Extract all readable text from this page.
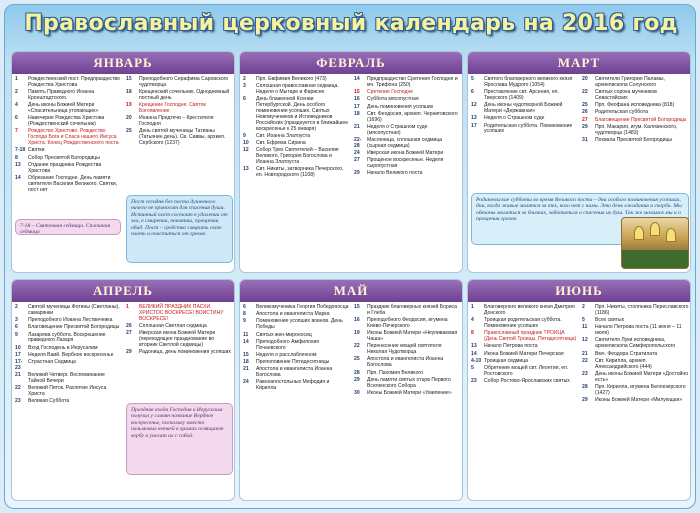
Православный церковный календарь на 2016 год
ЯНВАРЬ
1	Рождественский пост. Предпразднство Рождества Христова
2	Память Праведного Иоанна Кронштадтского.
4	День иконы Божией Матери «Спасительница утопающих»
6	Навечерие Рождества Христова (Рождественский сочельник)
7	Рождество Христово. Рождество Господа Бога и Спаса нашего Иисуса Христа. Конец Рождественского поста
7-18 Святки
8	Собор Пресвятой Богородицы
13	Отдание праздника Рождества Христова
14	Обрезание Господне. День памяти святителя Василия Великого. Святки, пост нет
15	Преподобного Серафима Саровского чудотворца
18	Крещенский сочельник. Однодневный постный день
19	Крещение Господне. Святое Богоявление
20	Иоанна Предтечи – Крестителя Господня
25	День святой мученицы Татианы (Татьянин день). Св. Саввы, архиеп. Сербского (1237)
Пост сегодня без поста душевного ничего не приносит для спасения души. Истинный пост состоит в удалении от зла, в смирении, покаянии, прощении обид. Пост – средство смирить свою плоть и очиститься от грехов.
7-18 – Святочная седмица. Сплошная седмица
ФЕВРАЛЬ
2	Прп. Евфимия Великого (473)
3	Сплошная православная седмица. Неделя о Мытаре и Фарисее
6	День блаженной Ксении Петербургской. День особого поминовения усопших. Святых Новомучеников и Исповедников Российских (празднуется в ближайшее воскресенье к 25 января)
9	Свт. Иоанна Златоуста
10	Свт. Ефрема Сирина
12	Собор Трех Святителей – Василия Великого, Григория Богослова и Иоанна Златоуста
13	Свт. Никиты, затворника Печерского, еп. Новгородского (1108)
14	Предпразднство Сретения Господня и мч. Трифона (250)
15	Сретение Господне
16	Суббота мясопустная
17	День поминовения усопших
18	Свт. Феодосия, архиеп. Черниговского (1696)
21	Неделя о Страшном суде (мясопустная)
22-28
Масленица, сплошная седмица (сырная седмица)
24	Иверская икона Божией Матери
27	Прощеное воскресенье. Неделя сыропустная
29	Начало Великого поста
МАРТ
5	Святого благоверного великого князя Ярослава Мудрого (1054)
6	Преставление свт. Арсения, еп. Тверского (1409)
12	День иконы чудотворной Божией Матери «Державная»
13	Неделя о Страшном суде
17	Родительская суббота. Поминовение усопших
20	Святители Григория Паламы, архиепископа Солунского
22	Святых сорока мучеников Севастийских
25	Прп. Феофана исповедника (818)
26	Родительская суббота
27	Благовещение Пресвятой Богородицы
29	Прп. Макария, игум. Калязинского, чудотворца (1483)
31	Похвала Пресвятой Богородицы
Родительские субботы во время Великого поста – дни особого поминовения усопших, дни, когда живые молятся за тех, кого нет с нами. Это день ожидания и скорби. Мы обязаны молиться за близких, заботиться о спасении их душ. Так же молимся мы и о прощении грехов.
АПРЕЛЬ
2	Святой мученицы Фотины (Светланы), самарянки
3	Преподобного Иоанна Лествичника
6	Благовещение Пресвятой Богородицы
9	Лазарева суббота. Воскрешение праведного Лазаря
10	Вход Господень в Иерусалим
17	Неделя Ваий. Вербное воскресенье
17-23
Страстная Седмица
21	Великий Четверг. Воспоминание Тайной Вечери
22	Великий Пяток. Распятие Иисуса Христа
23	Великая Суббота
1	ВЕЛИКИЙ ПРАЗДНИК ПАСХИ. ХРИСТОС ВОСКРЕСЕ! ВОИСТИНУ ВОСКРЕСЕ!
26	Сплошная Светлая седмица
27	Иверская икона Божией Матери (переходящее празднование во вторник Светлой седмицы)
29	Радоница, день поминовения усопших
Праздник входа Господня в Иерусалим получил у славян название Вербное воскресенье, поскольку вместо пальмовых ветвей в храмах освящают вербу и уносят их с собой.
МАЙ
6	Великомученика Георгия Победоносца
8	Апостола и евангелиста Марка
9	Поминовение усопших воинов. День Победы
11	Святых жен-мироносиц
14	Преподобного Амфилохия Почаевского
15	Неделя о расслабленном
18	Преполовение Пятидесятницы
21	Апостола и евангелиста Иоанна Богослова
24	Равноапостольных Мефодия и Кирилла
15	Праздник благоверных князей Бориса и Глеба
16	Преподобного Феодосия, игумена Киево-Печерского
19	Иконы Божией Матери «Неупиваемая Чаша»
22	Перенесение мощей святителя Николая Чудотворца
25	Апостола и евангелиста Иоанна Богослова
28	Прп. Пахомия Великого
29	День памяти святых отцов Первого Вселенского Собора
30	Иконы Божией Матери «Умиление»
ИЮНЬ
1	Благоверного великого князя Дмитрия Донского
4	Троицкая родительская суббота. Поминовение усопших
8	Православный праздник ТРОИЦА (День Святой Троицы, Пятидесятница)
13	Начало Петрова поста
14	Икона Божией Матери Печерская
4-10 Троицкая седмица
5	Обретение мощей свт. Леонтия, еп. Ростовского
23	Собор Ростово-Ярославских святых
2	Прп. Никиты, столпника Переславского (1186)
5	Всех святых
11	Начало Петрова поста (11 июня – 11 июля)
12	Святителя Луки исповедника, архиепископа Симферопольского
21	Вмч. Феодора Стратилата
22	Свт. Кирилла, архиеп. Александрийского (444)
23	День иконы Божией Матери «Достойно есть»
28	Прп. Кирилла, игумена Белоезерского (1427)
29	Иконы Божией Матери «Милующая»
